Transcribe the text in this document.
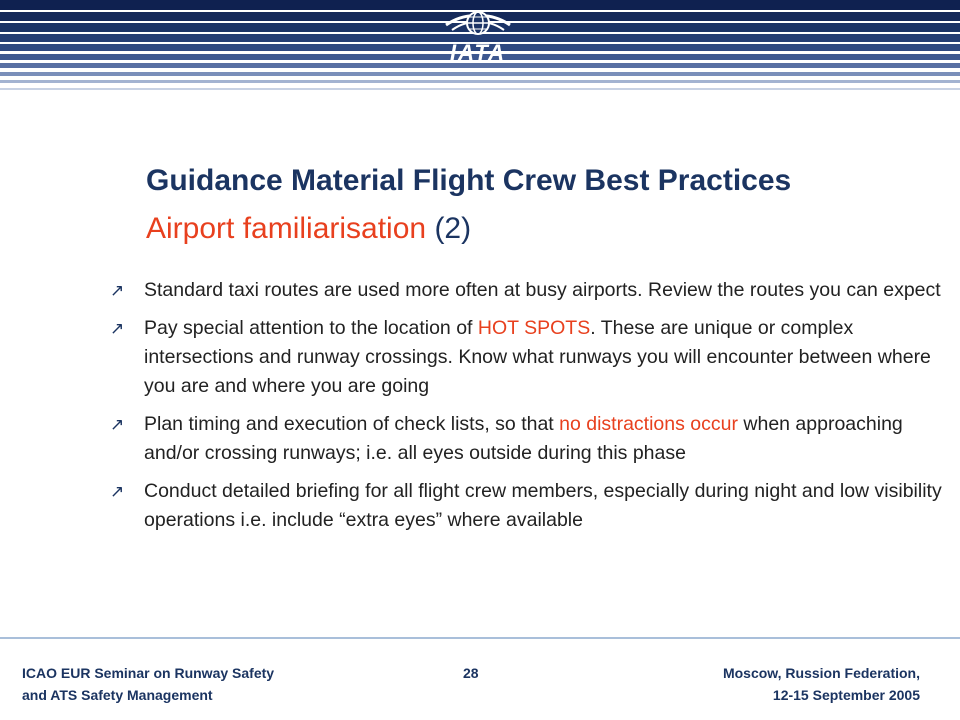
IATA
Guidance Material Flight Crew Best Practices
Airport familiarisation (2)
↗ Standard taxi routes are used more often at busy airports. Review the routes you can expect
↗ Pay special attention to the location of HOT SPOTS. These are unique or complex intersections and runway crossings. Know what runways you will encounter between where you are and where you are going
↗ Plan timing and execution of check lists, so that no distractions occur when approaching and/or crossing runways; i.e. all eyes outside during this phase
↗ Conduct detailed briefing for all flight crew members, especially during night and low visibility operations i.e. include “extra eyes” where available
ICAO EUR Seminar on Runway Safety
and ATS Safety Management
28	Moscow, Russion Federation,
12-15 September 2005
